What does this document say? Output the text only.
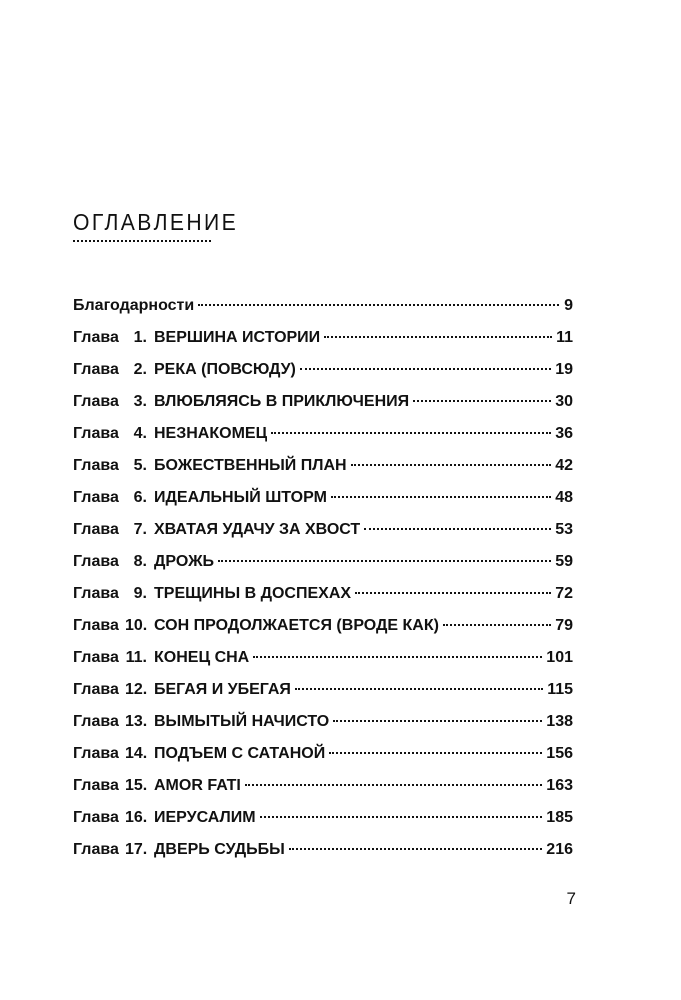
ОГЛАВЛЕНИЕ
Благодарности	9
Глава 1. ВЕРШИНА ИСТОРИИ	11
Глава 2. РЕКА (ПОВСЮДУ)	19
Глава 3. ВЛЮБЛЯЯСЬ В ПРИКЛЮЧЕНИЯ	30
Глава 4. НЕЗНАКОМЕЦ	36
Глава 5. БОЖЕСТВЕННЫЙ ПЛАН	42
Глава 6. ИДЕАЛЬНЫЙ ШТОРМ	48
Глава 7. ХВАТАЯ УДАЧУ ЗА ХВОСТ	53
Глава 8. ДРОЖЬ	59
Глава 9. ТРЕЩИНЫ В ДОСПЕХАХ	72
Глава 10. СОН ПРОДОЛЖАЕТСЯ (ВРОДЕ КАК)	79
Глава 11. КОНЕЦ СНА	101
Глава 12. БЕГАЯ И УБЕГАЯ	115
Глава 13. ВЫМЫТЫЙ НАЧИСТО	138
Глава 14. ПОДЪЕМ С САТАНОЙ	156
Глава 15. AMOR FATI	163
Глава 16. ИЕРУСАЛИМ	185
Глава 17. ДВЕРЬ СУДЬБЫ	216
7
